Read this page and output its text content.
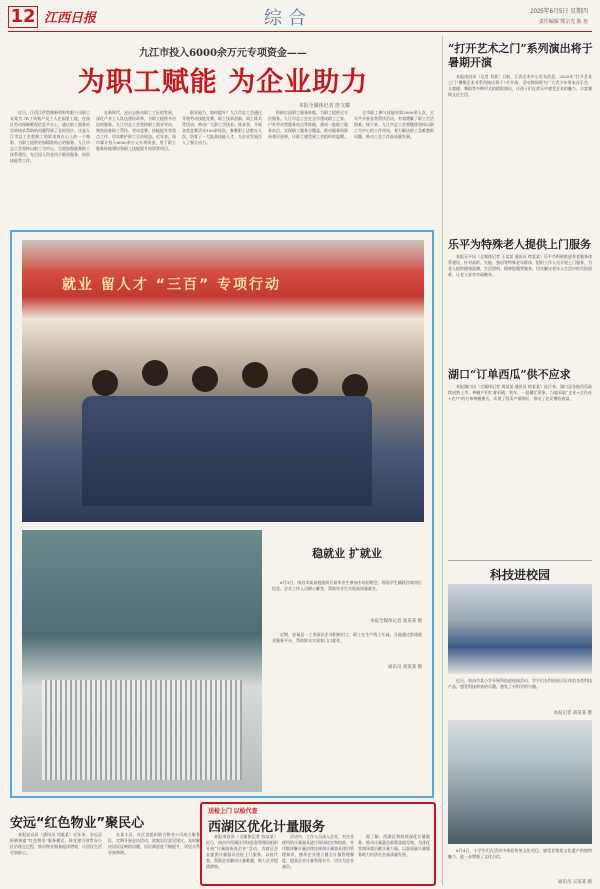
12 江西日报	综合	2025年6月5日 星期四
责任编辑 熊宗光 陈 艳
九江市投入6000余万元专项资金——
为职工赋能 为企业助力
本报全媒体记者 唐文耀

近日，江西江伊美德新材料有限公司职工宋某为.7R工资账户及工人在园里工地，在园区劳动保障维权信息平台上，通过职工服务站咨询请求帮助的问题得到了及时回应。这是九江市总工会把职工的诉求放在心上的一个缩影，为职工提供更加精准贴心的服务。九江市总工会坚持以职工为中心，全面加强服务职工体系建设，先后投入资金用于维权服务、培训技能等工作。

在新时代，走出去推动职工工匠的发展，深化产业工人队伍建设改革，为职工提供多层次的服务。九江市总工会坚持职工需求导向，聚焦困难职工帮扶、劳动竞赛、技能提升等重点工作，切实维护职工合法权益。近年来，该市累计投入6000余万元专项资金，用于职工服务阵地建设和职工技能提升培训等项目。

职业能力，如何提升？九江市总工会通过开展劳动技能竞赛、职工技术创新、网上练兵等活动，带动广大职工学技术、练本领，开展各类竞赛活动100余场次，参赛职工达数万人次，培育了一大批高技能人才，为企业发展注入了强大动力。

积极打造职工服务阵地，为职工提供全方位服务。九江市总工会在全市建成职工之家、户外劳动者服务站点等阵地，建成一批职工服务站点，实现职工服务全覆盖，推动服务资源向基层延伸，让职工感受到工会组织的温暖。

全市职工参与技能培训2000余人次，全年共开展各类帮扶活动，有效缓解了职工生活困难。接下来，九江市总工会将继续坚持以职工为中心的工作导向，着力解决职工急难愁盼问题，推动工会工作高质量发展。

就业 留人才 “三百” 专项行动
稳就业 扩就业

6月3日，南昌市某高校组织应届毕业生参加专场招聘会，现场学生踊跃咨询岗位信息，企业工作人员耐心解答，帮助毕业生实现高质量就业。

本报全媒体记者 张某某 摄

近期，安福县一工业园区企业积极招工，职工在生产线上忙碌。当地通过搭建就业服务平台，帮助群众实现家门口就业。

通讯员 刘某某 摄
安远“红色物业”聚民心

本报安远讯（通讯员 刘某某）近年来，安远县积极探索“红色物业”服务模式，将党建引领贯穿小区治理全过程，推动物业服务提质增效，让居民生活更加舒心。

在某小区，社区党组织联合物业公司成立服务队，定期开展走访活动，收集居民意见建议，及时解决居民反映的问题，居民满意度不断提升，邻里关系更加和谐。

送检上门 以检代查
西湖区优化计量服务

本报南昌讯（全媒体记者 陈某某）近日，南昌市西湖区市场监督管理局组织开展“计量服务进企业”活动，为辖区企业提供计量器具送检上门服务，以检代查，帮助企业解决计量难题，助力企业提质增效。

活动中，工作人员深入企业，对企业使用的计量器具进行现场检定和校准，并详细讲解计量法律法规和计量器具使用管理知识，指导企业建立健全计量管理制度，提高企业计量管理水平，切实为企业减负。

据了解，西湖区将持续深化计量服务，推动计量惠企政策落地见效，为优化营商环境贡献计量力量，以高质量计量服务助力经济社会高质量发展。

“打开艺术之门”系列演出将于暑期开演

本报南昌讯（记者 刘某）日前，江西艺术中心发布消息，2025年“打开艺术之门”暑期艺术节系列演出将于7月开演，活动期间将为广大青少年带来音乐会、儿童剧、舞蹈等多种形式的精彩演出，让孩子们在欢乐中感受艺术的魅力，丰富暑期文化生活。

乐平为特殊老人提供上门服务

本报乐平讯（全媒体记者 王某某 通讯员 徐某某）乐平市积极推进养老服务体系建设，针对高龄、失能、独居等特殊老年群体，组织工作人员开展上门服务，为老人提供健康监测、生活照料、精神慰藉等服务，切实解决老年人生活中的实际困难，让老人安享幸福晚年。

湖口“订单西瓜”供不应求

本报湖口讯（全媒体记者 周某某 通讯员 徐某某）连日来，湖口县各地西瓜陆续成熟上市，种植户们忙着采摘、装车，一派繁忙景象。当地采取“企业+合作社+农户”的订单种植模式，实现了西瓜产销两旺，带动了农民增收致富。

科技进校园

近日，南昌市某小学开展科技进校园活动，学生们在科技展示区体验各类科技产品，感受科技带来的乐趣，激发了对科学的兴趣。

本报记者 胡某某 摄

6月4日，小学生们在活动中体验传统文化项目，感受非物质文化遗产的独特魅力，进一步增强了文化自信。

通讯员 吴某某 摄
